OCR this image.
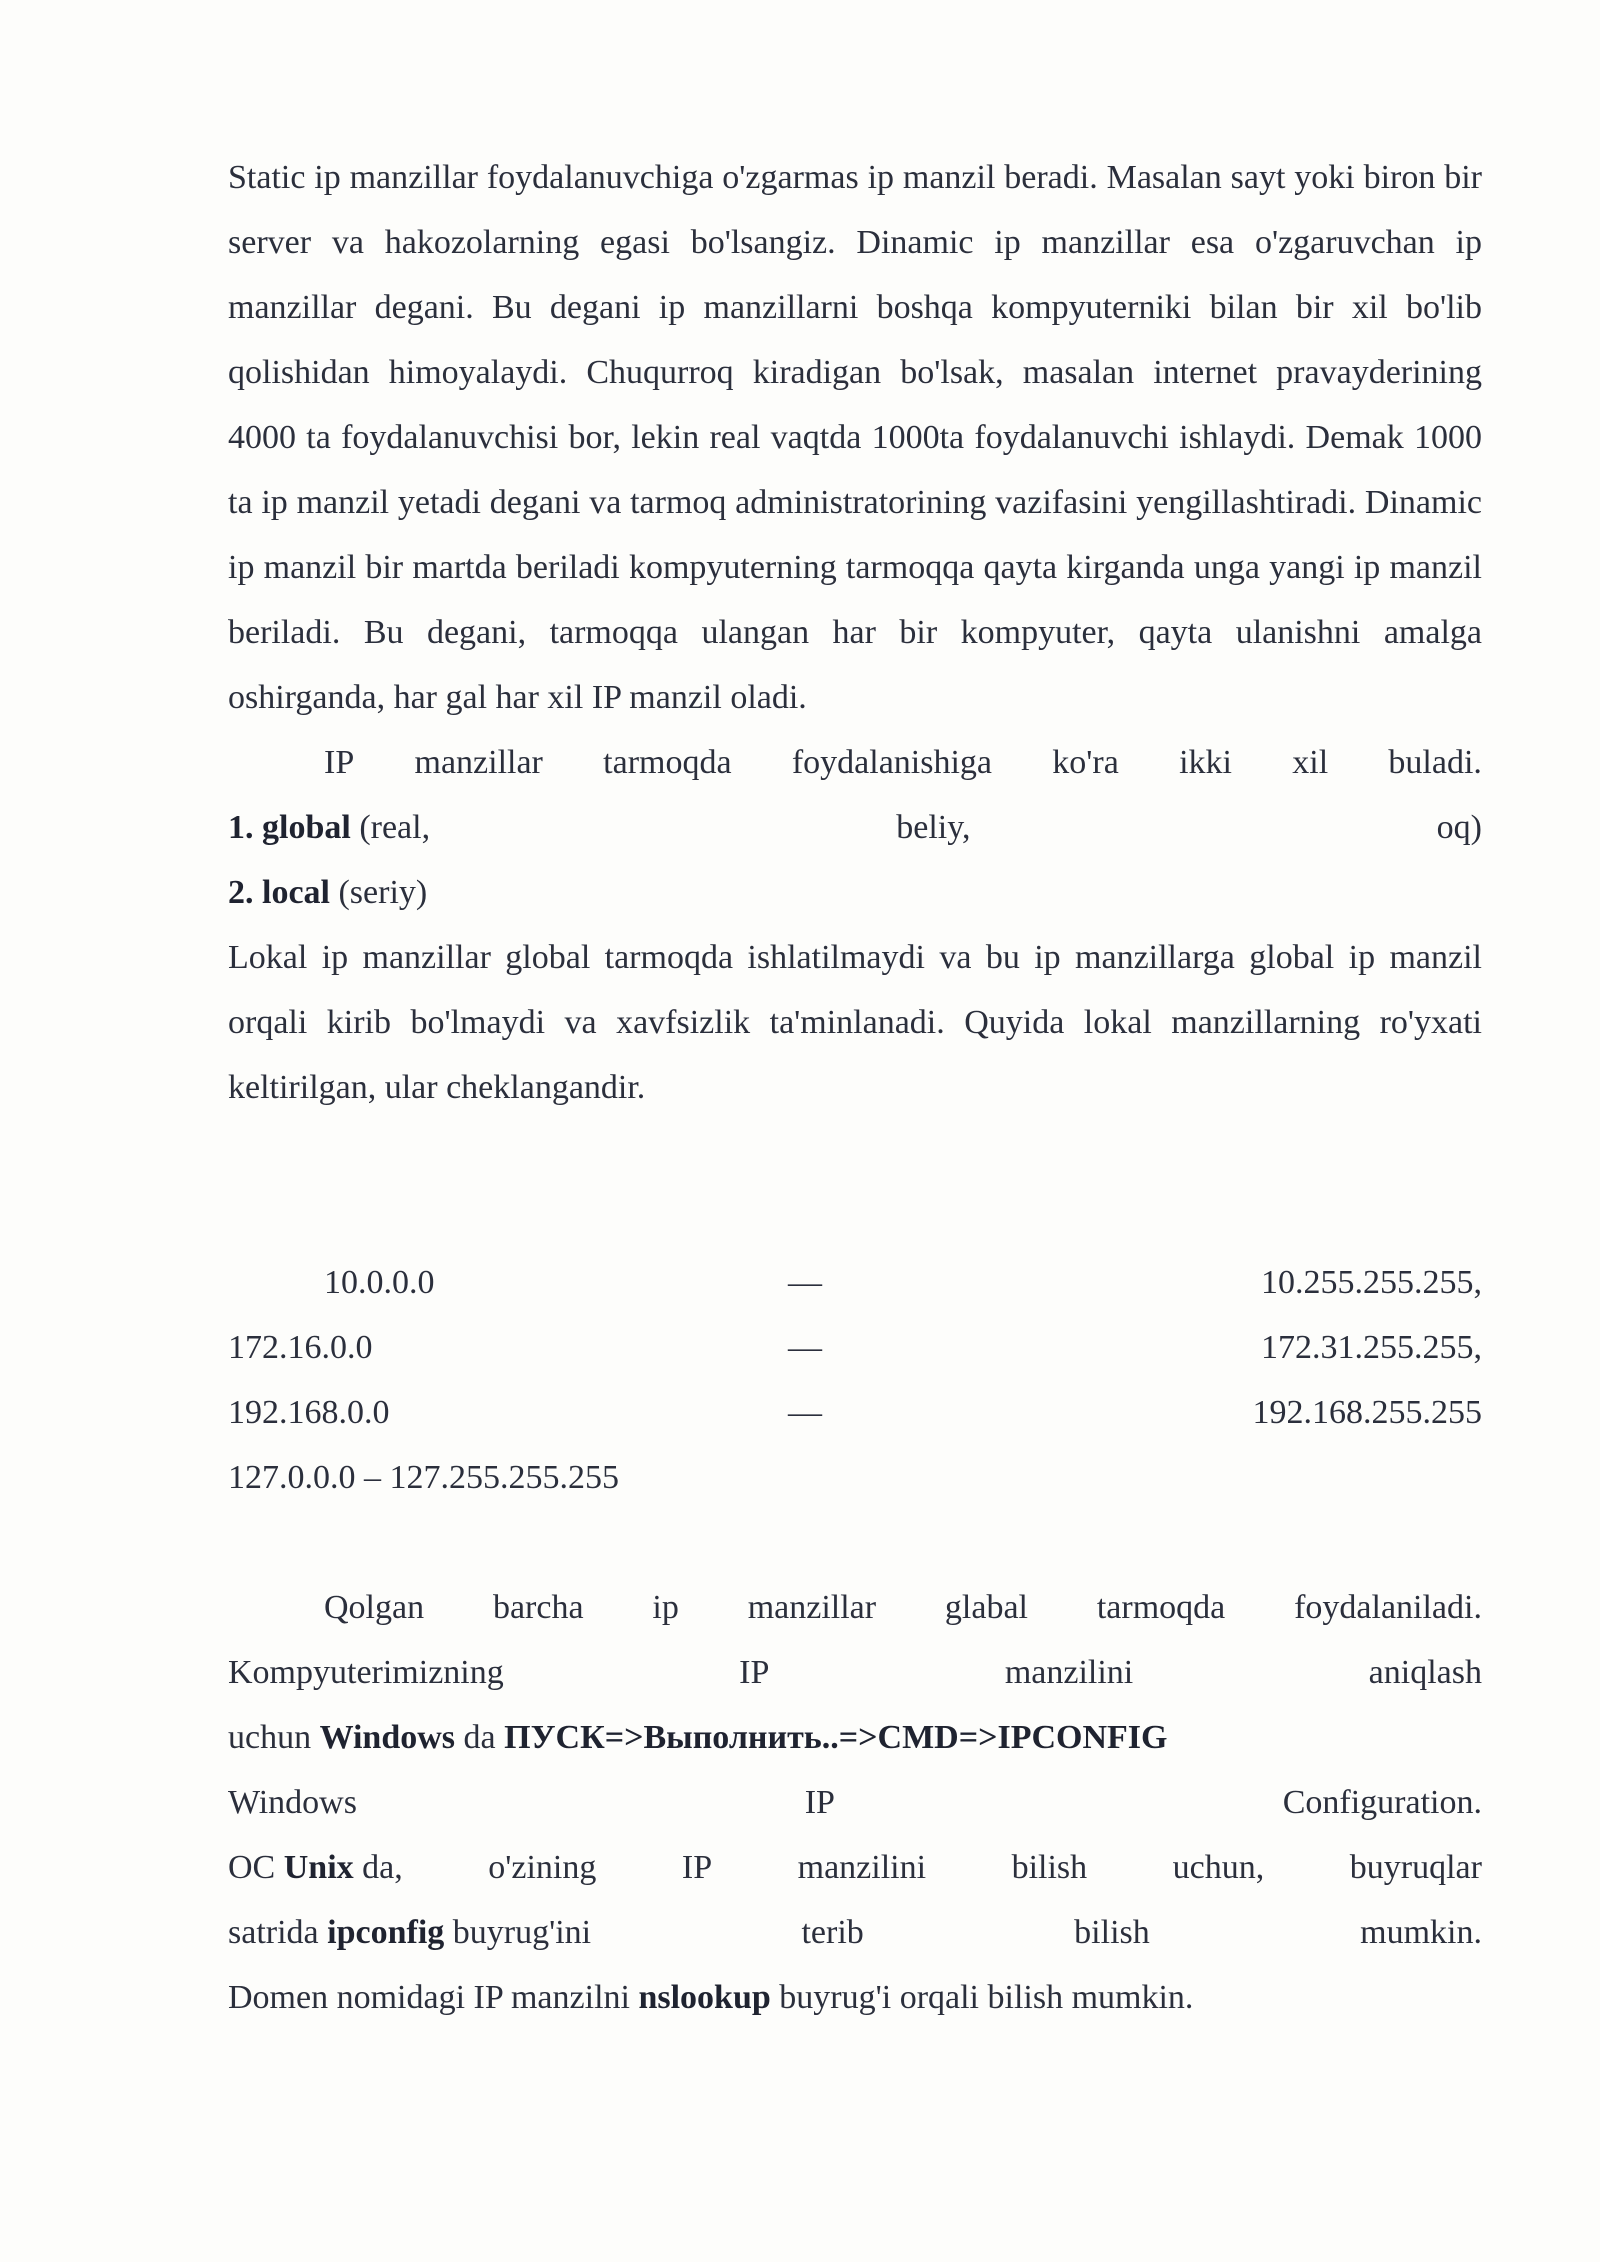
Static ip manzillar foydalanuvchiga o'zgarmas ip manzil beradi. Masalan sayt yoki biron bir server va hakozolarning egasi bo'lsangiz. Dinamic ip manzillar esa o'zgaruvchan ip manzillar degani. Bu degani ip manzillarni boshqa kompyuterniki bilan bir xil bo'lib qolishidan himoyalaydi. Chuqurroq kiradigan bo'lsak, masalan internet pravayderining 4000 ta foydalanuvchisi bor, lekin real vaqtda 1000ta foydalanuvchi ishlaydi. Demak 1000 ta ip manzil yetadi degani va tarmoq administratorining vazifasini yengillashtiradi. Dinamic ip manzil bir martda beriladi kompyuterning tarmoqqa qayta kirganda unga yangi ip manzil beriladi. Bu degani, tarmoqqa ulangan har bir kompyuter, qayta ulanishni amalga oshirganda, har gal har xil IP manzil oladi.

IP manzillar tarmoqda foydalanishiga ko'ra ikki xil buladi.
1. global (real,	beliy,	oq)
2. local (seriy)

Lokal ip manzillar global tarmoqda ishlatilmaydi va bu ip manzillarga global ip manzil orqali kirib bo'lmaydi va xavfsizlik ta'minlanadi. Quyida lokal manzillarning ro'yxati keltirilgan, ular cheklangandir.

10.0.0.0	—	10.255.255.255,
172.16.0.0	—	172.31.255.255,
192.168.0.0	—	192.168.255.255
127.0.0.0 – 127.255.255.255
Qolgan barcha ip manzillar glabal tarmoqda foydalaniladi.
Kompyuterimizning	IP	manzilini	aniqlash
uchun Windows da ПУСК=>Выполнить..=>CMD=>IPCONFIG
Windows	IP	Configuration.
OC Unix da,	o'zining	IP	manzilini	bilish	uchun,	buyruqlar
satrida ipconfig buyrug'ini	terib	bilish	mumkin.
Domen nomidagi IP manzilni nslookup buyrug'i orqali bilish mumkin.
